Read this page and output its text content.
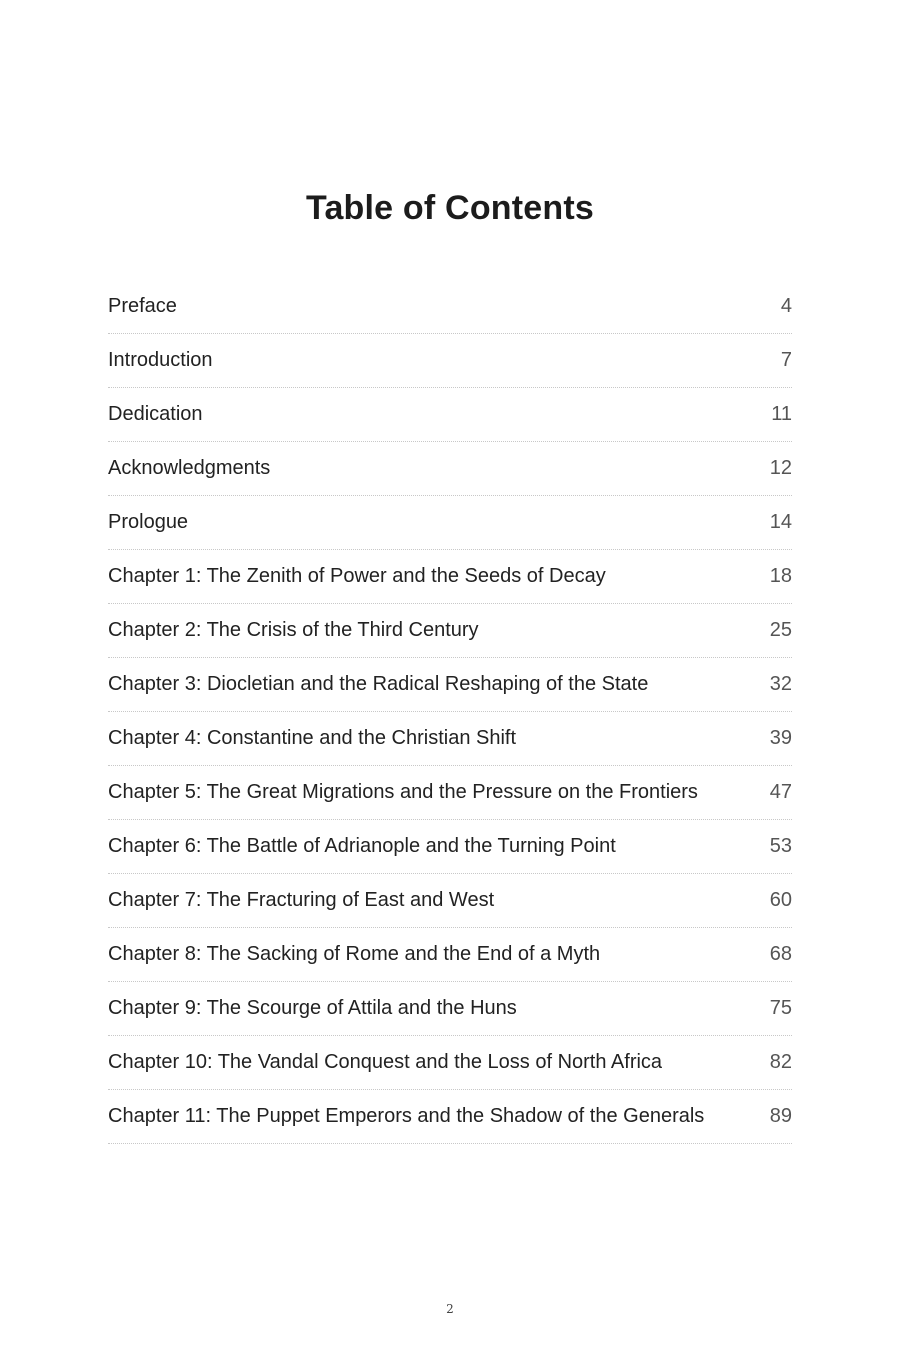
Table of Contents
Preface	4
Introduction	7
Dedication	11
Acknowledgments	12
Prologue	14
Chapter 1: The Zenith of Power and the Seeds of Decay	18
Chapter 2: The Crisis of the Third Century	25
Chapter 3: Diocletian and the Radical Reshaping of the State	32
Chapter 4: Constantine and the Christian Shift	39
Chapter 5: The Great Migrations and the Pressure on the Frontiers	47
Chapter 6: The Battle of Adrianople and the Turning Point	53
Chapter 7: The Fracturing of East and West	60
Chapter 8: The Sacking of Rome and the End of a Myth	68
Chapter 9: The Scourge of Attila and the Huns	75
Chapter 10: The Vandal Conquest and the Loss of North Africa	82
Chapter 11: The Puppet Emperors and the Shadow of the Generals	89
2
